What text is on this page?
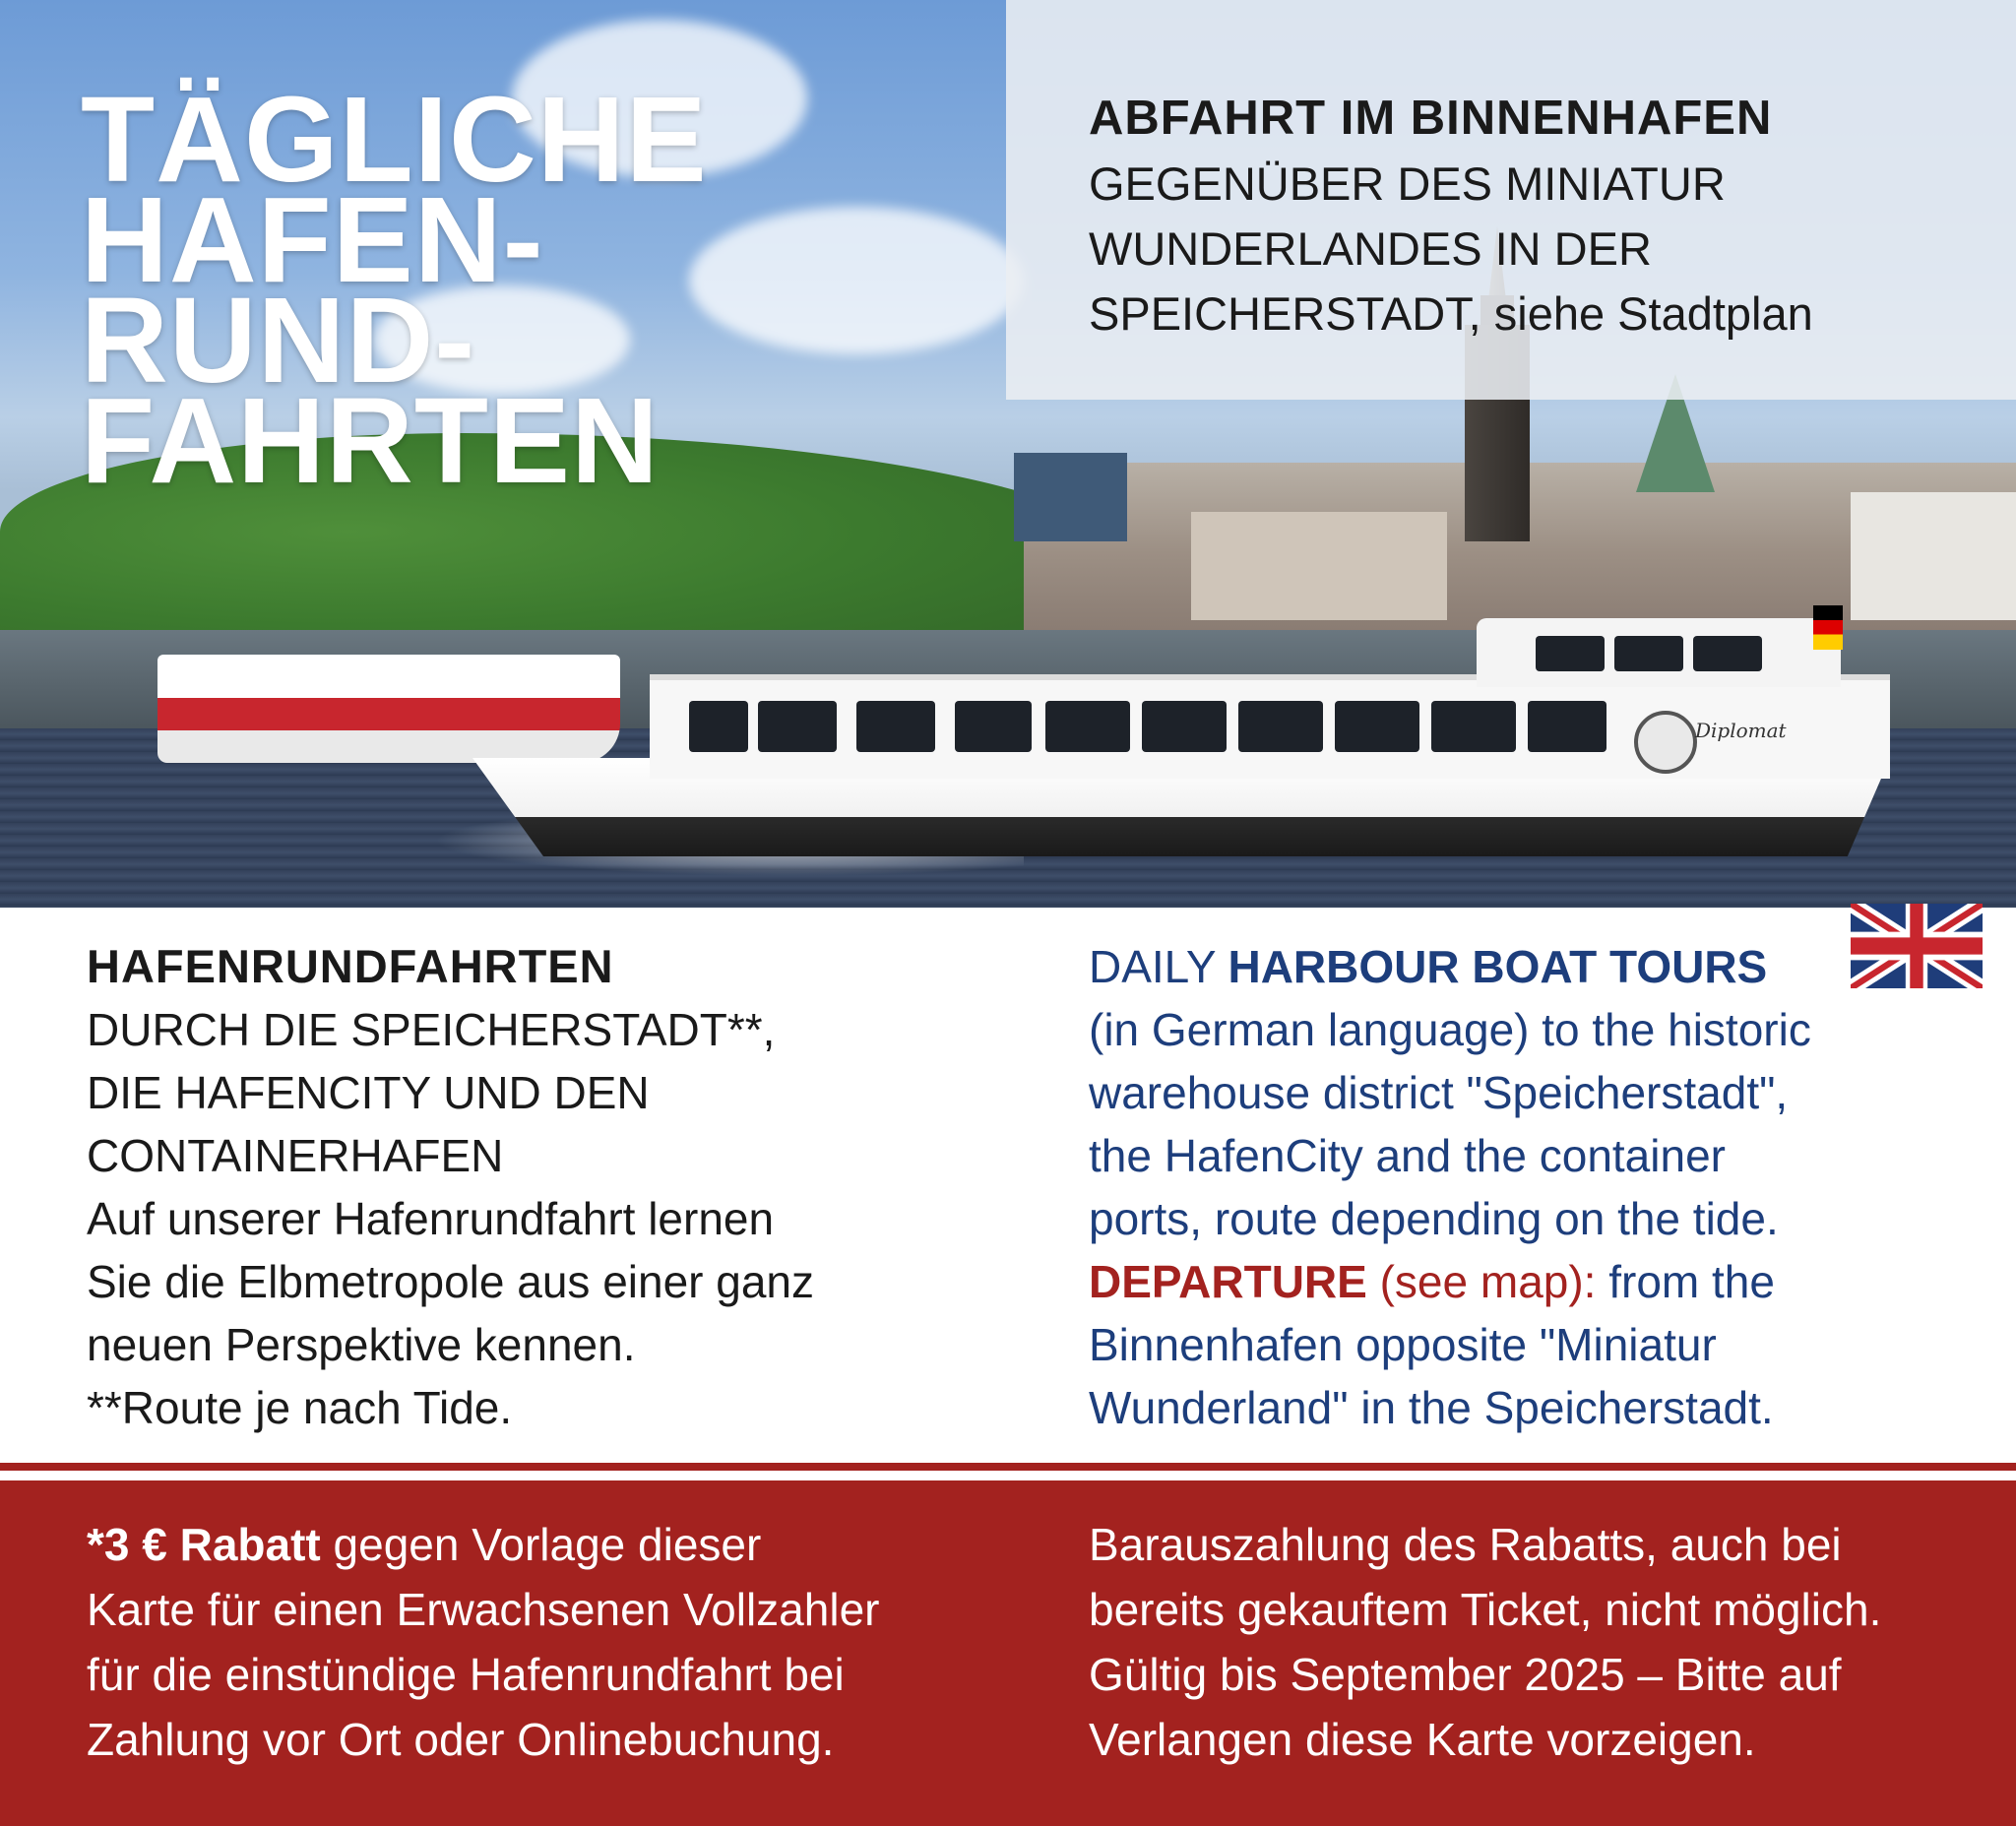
Machen Sie bei uns fest!
Diplomat
TÄGLICHE
HAFEN-
RUND-
FAHRTEN

ABFAHRT IM BINNENHAFEN

GEGENÜBER DES MINIATUR
WUNDERLANDES IN DER
SPEICHERSTADT, siehe Stadtplan

HAFENRUNDFAHRTEN
DURCH DIE SPEICHERSTADT**,
DIE HAFENCITY UND DEN
CONTAINERHAFEN
Auf unserer Hafenrundfahrt lernen
Sie die Elbmetropole aus einer ganz
neuen Perspektive kennen.
**Route je nach Tide.
DAILY HARBOUR BOAT TOURS
(in German language) to the historic
warehouse district "Speicherstadt",
the HafenCity and the container
ports, route depending on the tide.
DEPARTURE (see map): from the
Binnenhafen opposite "Miniatur
Wunderland" in the Speicherstadt.
*3 € Rabatt gegen Vorlage dieser
Karte für einen Erwachsenen Vollzahler
für die einstündige Hafenrundfahrt bei
Zahlung vor Ort oder Onlinebuchung.
Barauszahlung des Rabatts, auch bei
bereits gekauftem Ticket, nicht möglich.
Gültig bis September 2025 – Bitte auf
Verlangen diese Karte vorzeigen.
